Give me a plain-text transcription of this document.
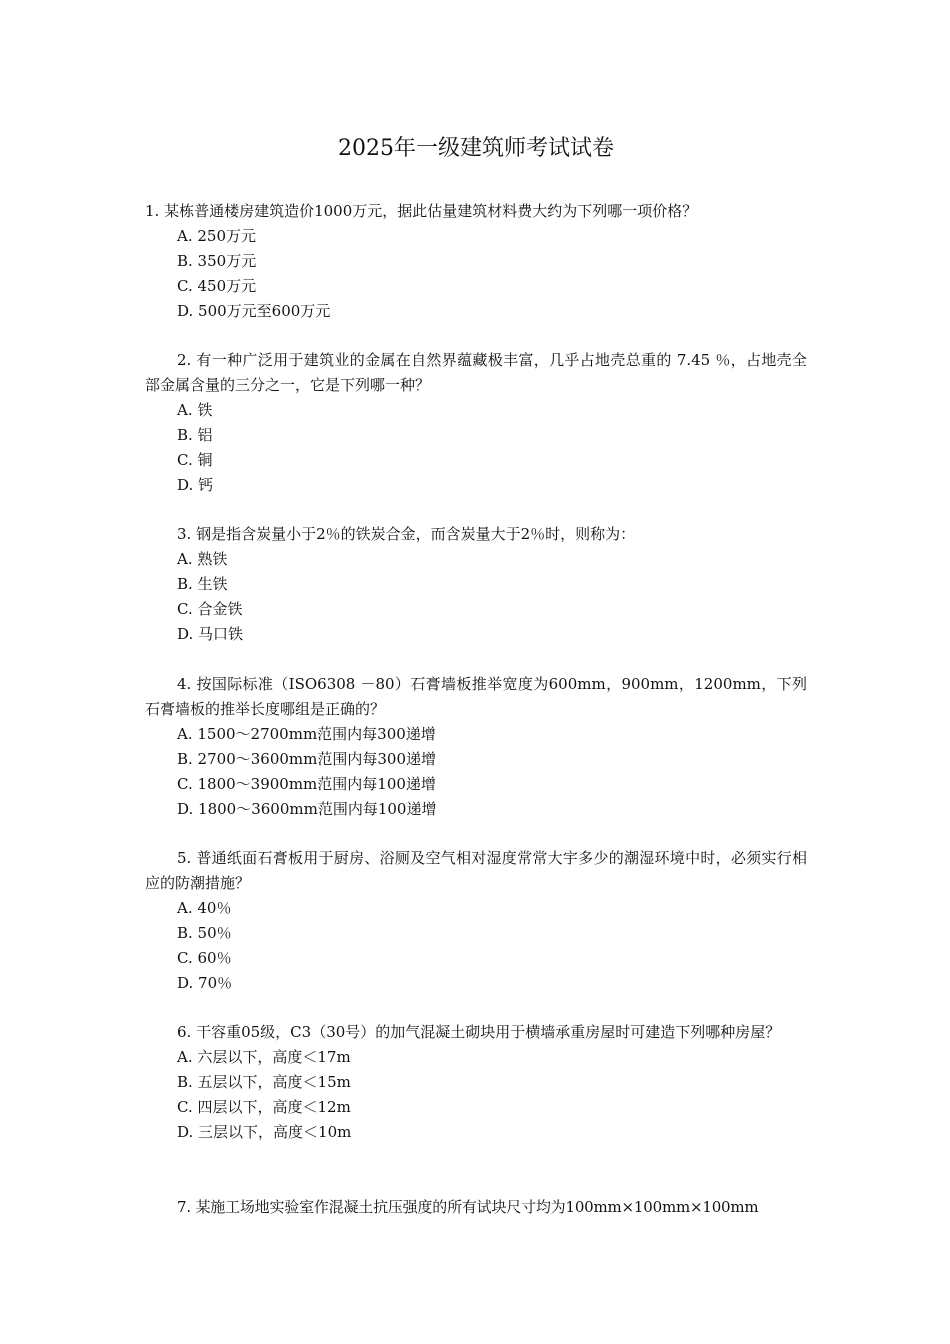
2025年一级建筑师考试试卷

1. 某栋普通楼房建筑造价1000万元，据此估量建筑材料费大约为下列哪一项价格？

A. 250万元

B. 350万元

C. 450万元

D. 500万元至600万元

2. 有一种广泛用于建筑业的金属在自然界蕴藏极丰富，几乎占地壳总重的 7.45 ％，占地壳全部金属含量的三分之一，它是下列哪一种？

A. 铁

B. 铝

C. 铜

D. 钙

3. 钢是指含炭量小于2％的铁炭合金，而含炭量大于2％时，则称为：

A. 熟铁

B. 生铁

C. 合金铁

D. 马口铁

4. 按国际标准（ISO6308 －80）石膏墙板推举宽度为600mm，900mm，1200mm，下列石膏墙板的推举长度哪组是正确的？

A. 1500～2700mm范围内每300递增

B. 2700～3600mm范围内每300递增

C. 1800～3900mm范围内每100递增

D. 1800～3600mm范围内每100递增

5. 普通纸面石膏板用于厨房、浴厕及空气相对湿度常常大宇多少的潮湿环境中时，必须实行相应的防潮措施？

A. 40％

B. 50％

C. 60％

D. 70％

6. 干容重05级，C3（30号）的加气混凝土砌块用于横墙承重房屋时可建造下列哪种房屋？

A. 六层以下，高度＜17m

B. 五层以下，高度＜15m

C. 四层以下，高度＜12m

D. 三层以下，高度＜10m

7. 某施工场地实验室作混凝土抗压强度的所有试块尺寸均为100mm×100mm×100mm
